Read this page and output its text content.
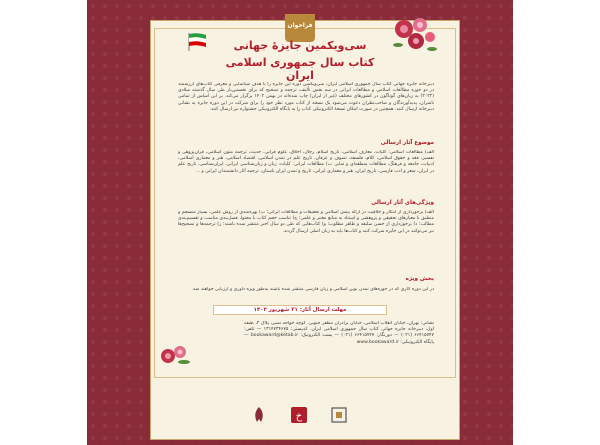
فراخوان
سی‌ویکمین جایزهٔ جهانی
کتاب سال جمهوری اسلامی ایران
دبیرخانه جایزه جهانی کتاب سال جمهوری اسلامی ایران، سی‌ویکمین دوره این جایزه را با هدف شناسایی و معرفی کتاب‌های ارزشمند در دو حوزه مطالعات اسلامی و مطالعات ایرانی در سه بخش تألیف، ترجمه و تصحیح که برای نخستین‌بار طی سال گذشته میلادی (۲۰۲۲) به زبان‌های گوناگون در کشورهای مختلف (غیر از ایران) چاپ شده‌اند در بهمن ۱۴۰۲ برگزار می‌کند. بر این اساس از تمامی ناشران، پدیدآورندگان و صاحب‌نظران دعوت می‌شود یک نسخه از کتاب مورد نظر خود را برای شرکت در این دوره جایزه به نشانی دبیرخانه ارسال کنند. همچنین در صورت امکان نسخهٔ الکترونیکی کتاب را به پایگاه الکترونیکی جشنواره نیز ارسال کنند.
موضوع آثار ارسالی
الف) مطالعات اسلامی: کلیات، معارف اسلامی، تاریخ اسلام، رجال، اخلاق، علوم قرآنی، حدیث، ترجمه متون اسلامی، قرآن‌پژوهی و تفسیر، فقه و حقوق اسلامی، کلام، فلسفه، تصوف و عرفان، تاریخ علم در تمدن اسلامی، اقتصاد اسلامی، هنر و معماری اسلامی، ادبیات، جامعه و فرهنگ، مطالعات منطقه‌ای و سایر. ب) مطالعات ایرانی: کلیات، زبان و زبان‌شناسی ایرانی، ایران‌شناسی، تاریخ علم در ایران، شعر و ادب فارسی، تاریخ ایران، هنر و معماری ایرانی، تاریخ و تمدن ایران باستان، ترجمه آثار دانشمندان ایرانی و ...
ویژگی‌های آثار ارسالی
الف) برخورداری از ابتکار و خلاقیت در ارائه بینش اسلامی و تحقیقات و مطالعات ایرانی؛ ب) بهره‌مندی از روش علمی، بسیار منسجم و منطبق با معیارهای تحقیقی و پژوهشی و استناد به منابع معتبر و علمی؛ ج) تناسب حجم کتاب با محتوا، فصل‌بندی مناسب و تقسیم‌بندی مطالب؛ د) برخورداری از حسن سلیقه و ظاهر مطلوب؛ و) کتاب‌هایی که طی دو سال اخیر منتشر شده باشند؛ ز) ترجمه‌ها و تصحیح‌ها نیز می‌توانند در این جایزه شرکت کنند و کتاب‌ها باید به زبان اصلی ارسال گردند.
بخش ویژه
در این دوره آثاری که در حوزه‌های تمدن نوین اسلامی و زبان فارسی منتشر شده باشند به‌طور ویژه داوری و ارزیابی خواهند شد.
مهلت ارسال آثار: ۳۱ شهریور ۱۴۰۲
نشانی: تهران، خیابان انقلاب اسلامی، خیابان برادران مظفر جنوبی، کوچه خواجه نصیر، پلاک ۲، طبقه اول، دبیرخانه جایزه جهانی کتاب سال جمهوری اسلامی ایران. کدپستی: ۱۳۱۴۷۳۴۶۷۵ — تلفن: ۶۶۴۱۵۷۴۷ (۰۲۱) — دورنگار: ۶۶۴۱۵۷۴۷ (۰۲۱) — پست الکترونیک: bookaward@ketab.ir — پایگاه الکترونیکی: www.bookaward.ir
خ
